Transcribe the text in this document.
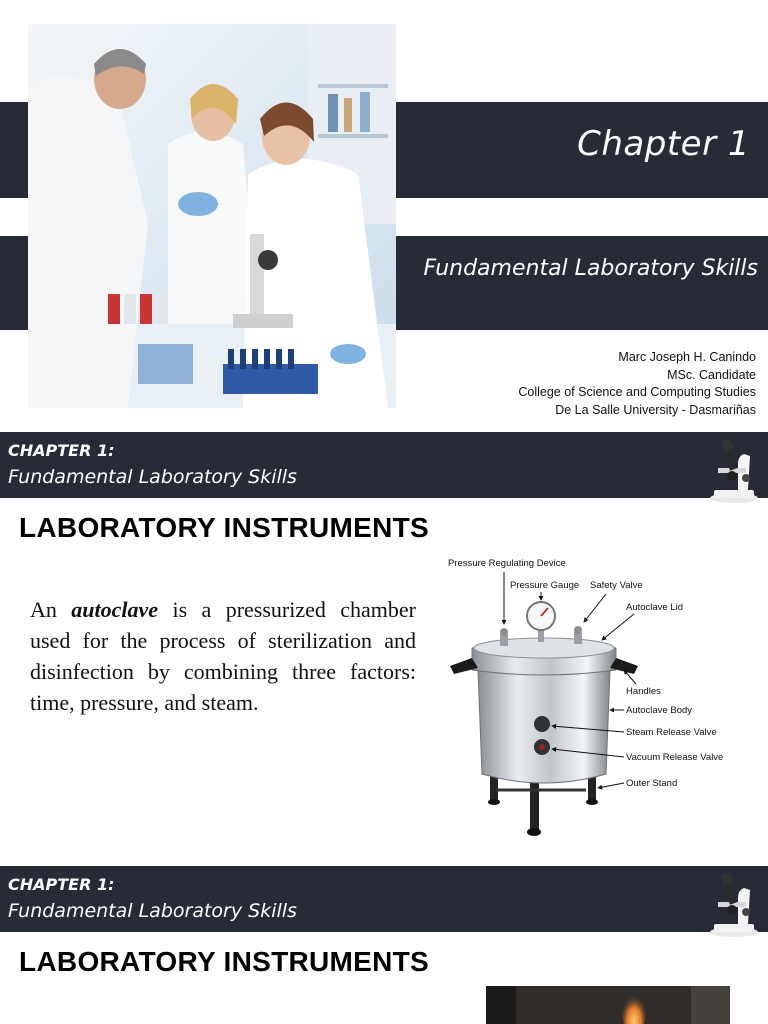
Chapter 1
Fundamental Laboratory Skills
Marc Joseph H. Canindo
MSc. Candidate
College of Science and Computing Studies
De La Salle University - Dasmariñas
CHAPTER 1:
Fundamental Laboratory Skills
LABORATORY INSTRUMENTS
An autoclave is a pressurized chamber used for the process of sterilization and disinfection by combining three factors: time, pressure, and steam.
Pressure Regulating Device
Pressure Gauge Safety Valve
Autoclave Lid
Handles
Autoclave Body
Steam Release Valve
Vacuum Release Valve
Outer Stand
CHAPTER 1:
Fundamental Laboratory Skills
LABORATORY INSTRUMENTS
